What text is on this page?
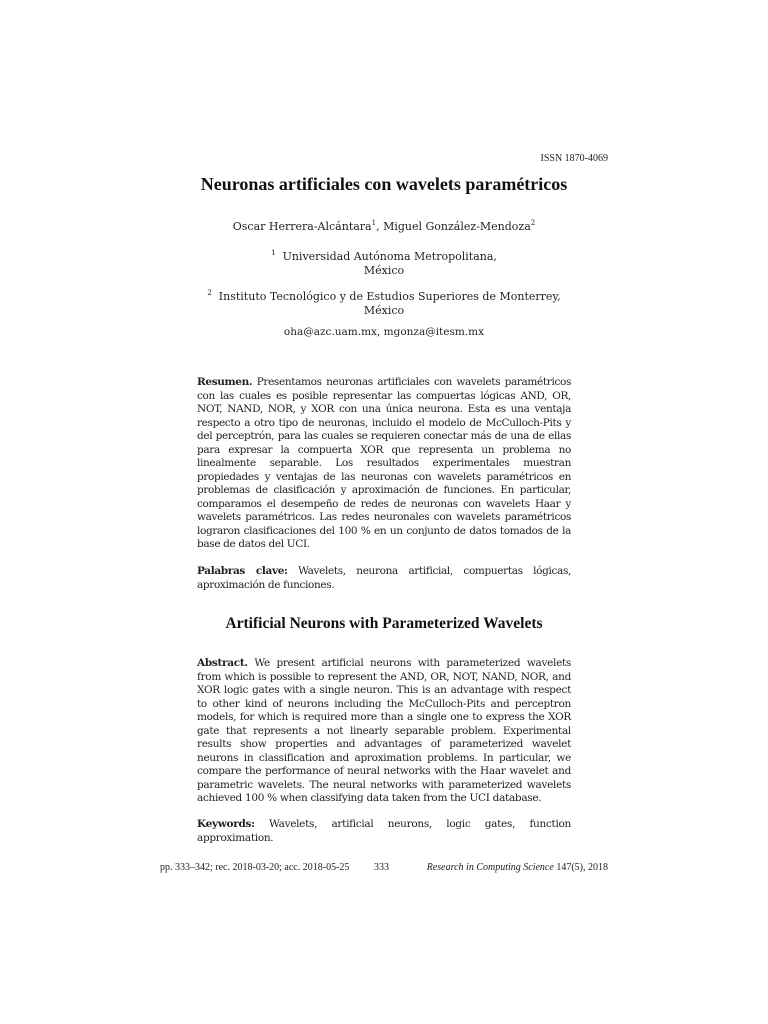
ISSN 1870-4069
Neuronas artificiales con wavelets paramétricos
Oscar Herrera-Alcántara$^1$, Miguel González-Mendoza$^2$
$^1$ Universidad Autónoma Metropolitana,
México
$^2$ Instituto Tecnológico y de Estudios Superiores de Monterrey,
México
oha@azc.uam.mx, mgonza@itesm.mx
Resumen. Presentamos neuronas artificiales con wavelets paramétricos con las cuales es posible representar las compuertas lógicas AND, OR, NOT, NAND, NOR, y XOR con una única neurona. Esta es una ventaja respecto a otro tipo de neuronas, incluido el modelo de McCulloch-Pits y del perceptrón, para las cuales se requieren conectar más de una de ellas para expresar la compuerta XOR que representa un problema no linealmente separable. Los resultados experimentales muestran propiedades y ventajas de las neuronas con wavelets paramétricos en problemas de clasificación y aproximación de funciones. En particular, comparamos el desempeño de redes de neuronas con wavelets Haar y wavelets paramétricos. Las redes neuronales con wavelets paramétricos lograron clasificaciones del 100 % en un conjunto de datos tomados de la base de datos del UCI.
Palabras clave: Wavelets, neurona artificial, compuertas lógicas, aproximación de funciones.
Artificial Neurons with Parameterized Wavelets
Abstract. We present artificial neurons with parameterized wavelets from which is possible to represent the AND, OR, NOT, NAND, NOR, and XOR logic gates with a single neuron. This is an advantage with respect to other kind of neurons including the McCulloch-Pits and perceptron models, for which is required more than a single one to express the XOR gate that represents a not linearly separable problem. Experimental results show properties and advantages of parameterized wavelet neurons in classification and aproximation problems. In particular, we compare the performance of neural networks with the Haar wavelet and parametric wavelets. The neural networks with parameterized wavelets achieved 100 % when classifying data taken from the UCI database.
Keywords: Wavelets, artificial neurons, logic gates, function approximation.
pp. 333–342; rec. 2018-03-20; acc. 2018-05-25 333	Research in Computing Science 147(5), 2018
